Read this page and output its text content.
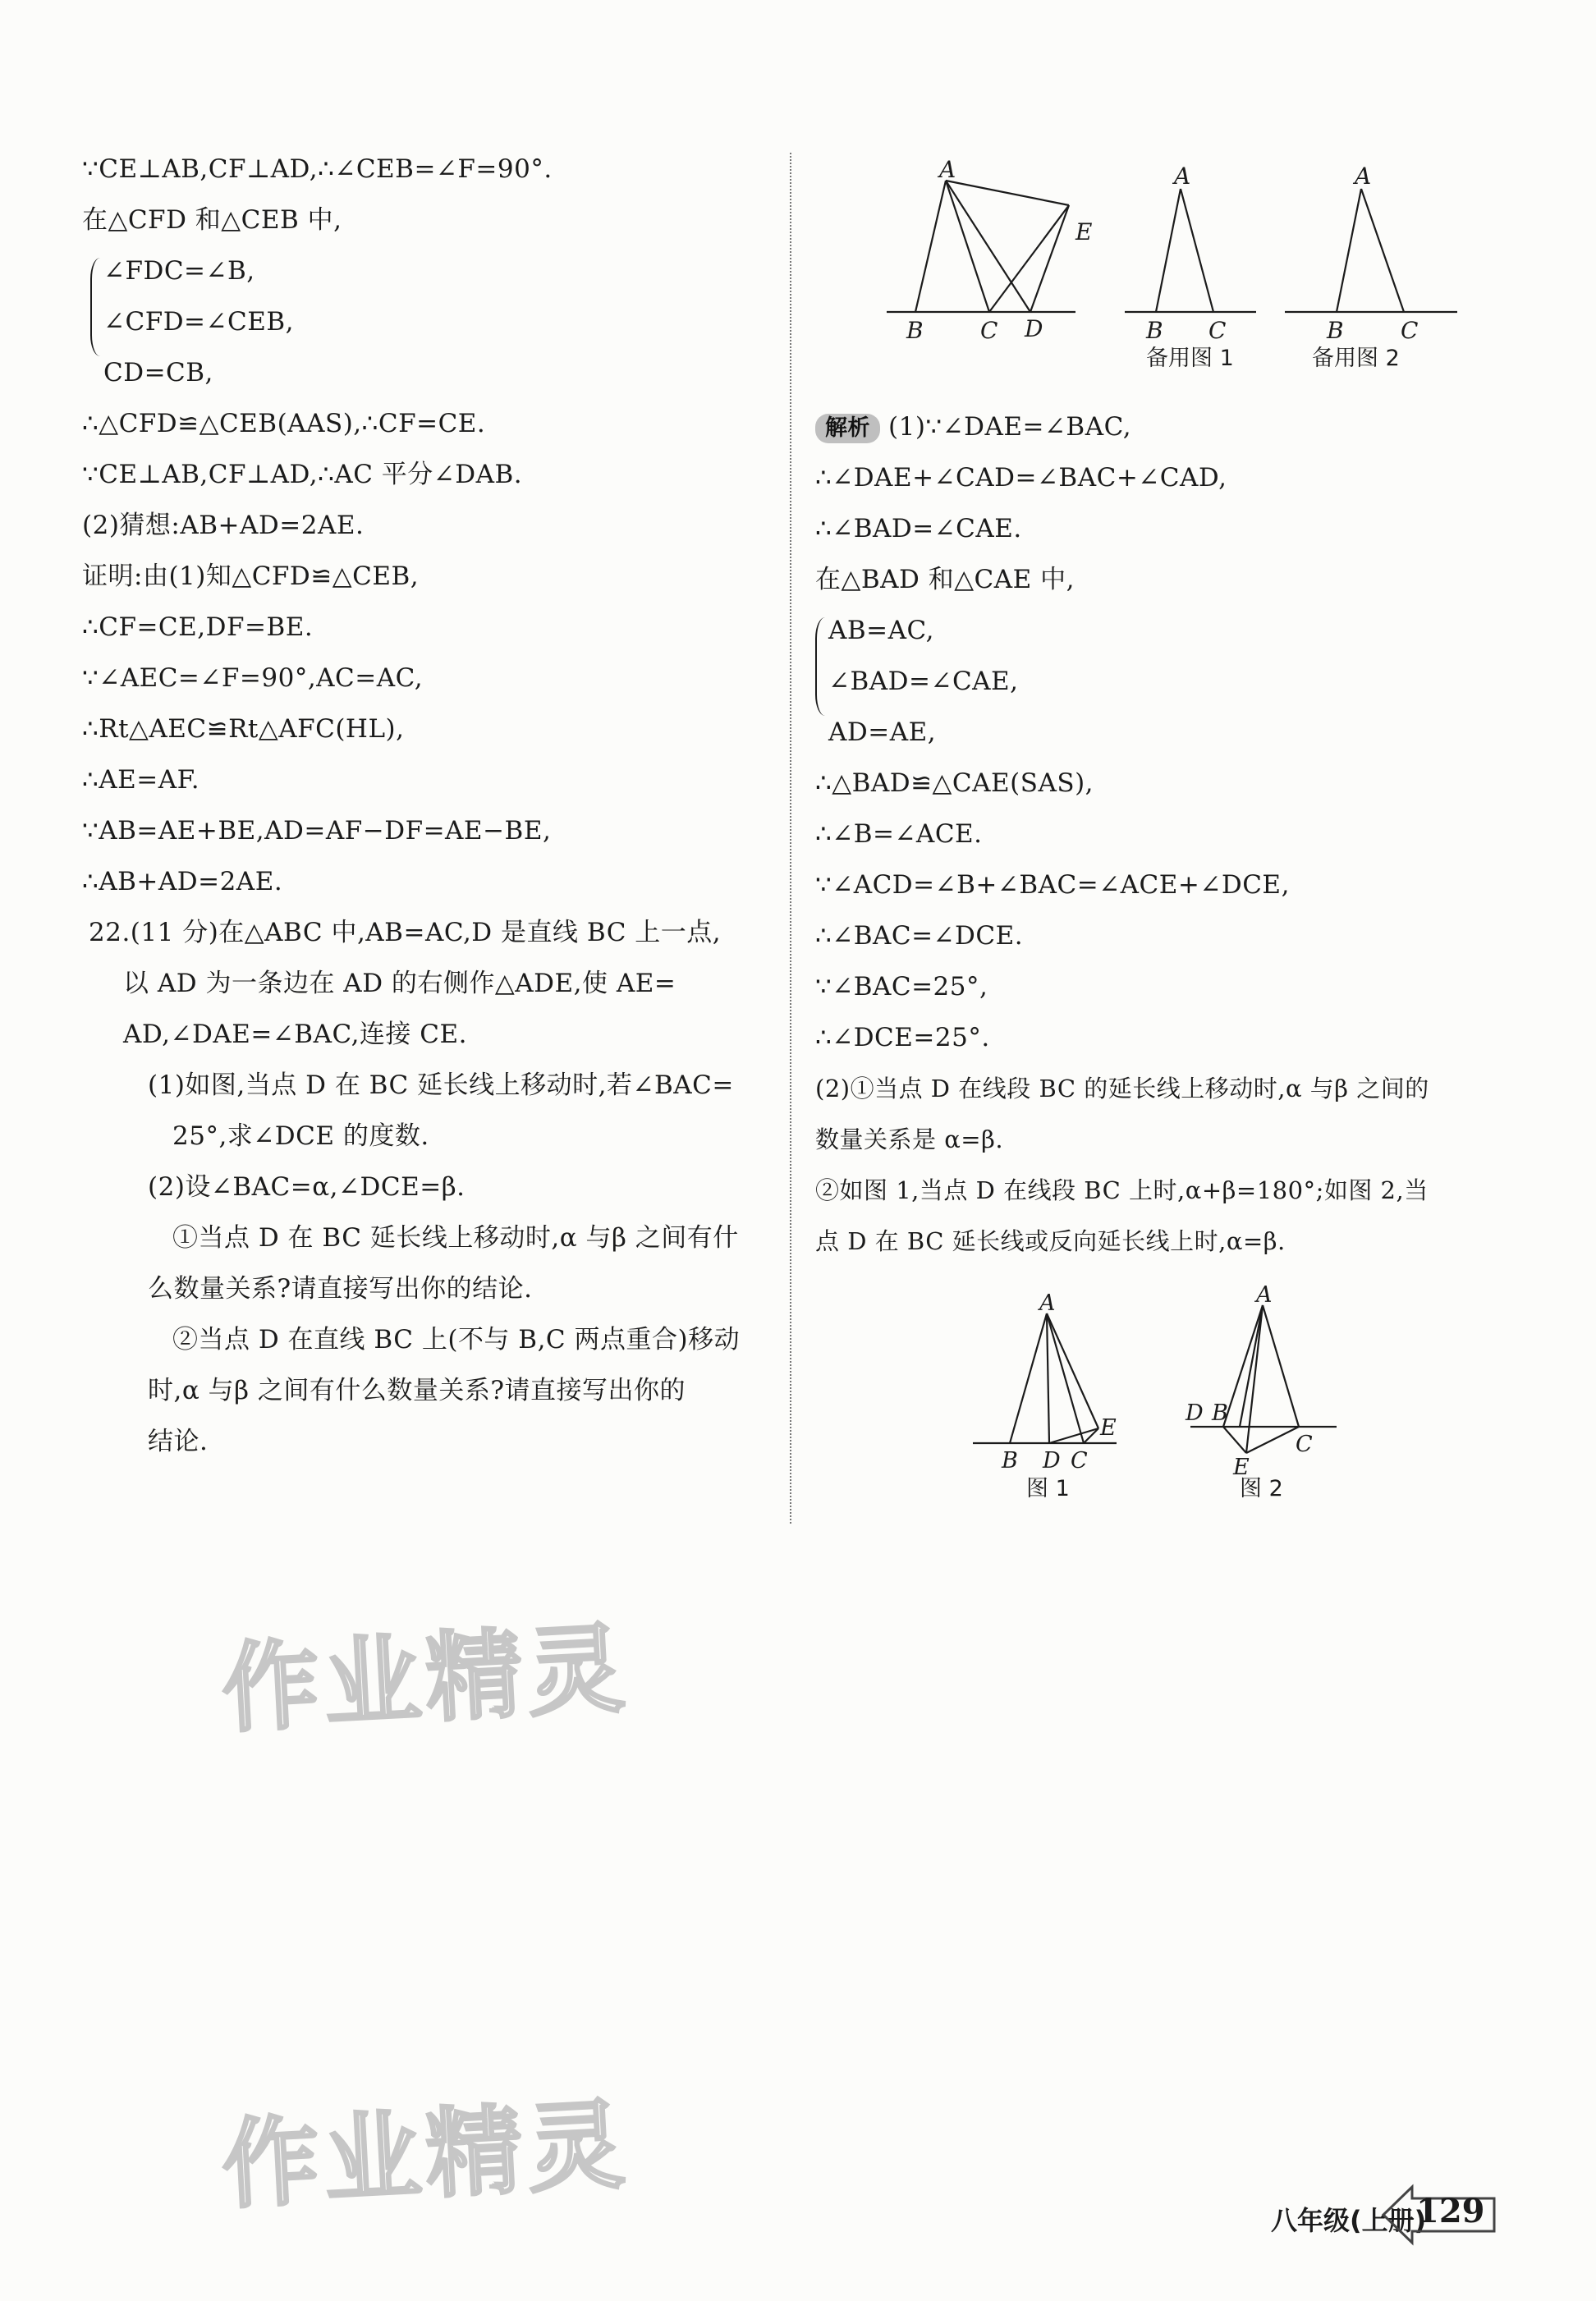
∵CE⊥AB,CF⊥AD,∴∠CEB=∠F=90°.
在△CFD 和△CEB 中,
∠FDC=∠B,
∠CFD=∠CEB,
CD=CB,
∴△CFD≌△CEB(AAS),∴CF=CE.
∵CE⊥AB,CF⊥AD,∴AC 平分∠DAB.
(2)猜想:AB+AD=2AE.
证明:由(1)知△CFD≌△CEB,
∴CF=CE,DF=BE.
∵∠AEC=∠F=90°,AC=AC,
∴Rt△AEC≌Rt△AFC(HL),
∴AE=AF.
∵AB=AE+BE,AD=AF−DF=AE−BE,
∴AB+AD=2AE.
22.(11 分)在△ABC 中,AB=AC,D 是直线 BC 上一点,
以 AD 为一条边在 AD 的右侧作△ADE,使 AE=
AD,∠DAE=∠BAC,连接 CE.
(1)如图,当点 D 在 BC 延长线上移动时,若∠BAC=
25°,求∠DCE 的度数.
(2)设∠BAC=α,∠DCE=β.
①当点 D 在 BC 延长线上移动时,α 与β 之间有什
么数量关系?请直接写出你的结论.
②当点 D 在直线 BC 上(不与 B,C 两点重合)移动
时,α 与β 之间有什么数量关系?请直接写出你的
结论.
A
B C D
E
A
B C
A
B C
备用图 1	备用图 2
解析 (1)∵∠DAE=∠BAC,
∴∠DAE+∠CAD=∠BAC+∠CAD,
∴∠BAD=∠CAE.
在△BAD 和△CAE 中,
AB=AC,
∠BAD=∠CAE,
AD=AE,
∴△BAD≌△CAE(SAS),
∴∠B=∠ACE.
∵∠ACD=∠B+∠BAC=∠ACE+∠DCE,
∴∠BAC=∠DCE.
∵∠BAC=25°,
∴∠DCE=25°.
(2)①当点 D 在线段 BC 的延长线上移动时,α 与β 之间的
数量关系是 α=β.
②如图 1,当点 D 在线段 BC 上时,α+β=180°;如图 2,当
点 D 在 BC 延长线或反向延长线上时,α=β.
A
B D C
E
A
D B
C
E
图 1	图 2
作业精灵
作业精灵	八年级(上册)
129
